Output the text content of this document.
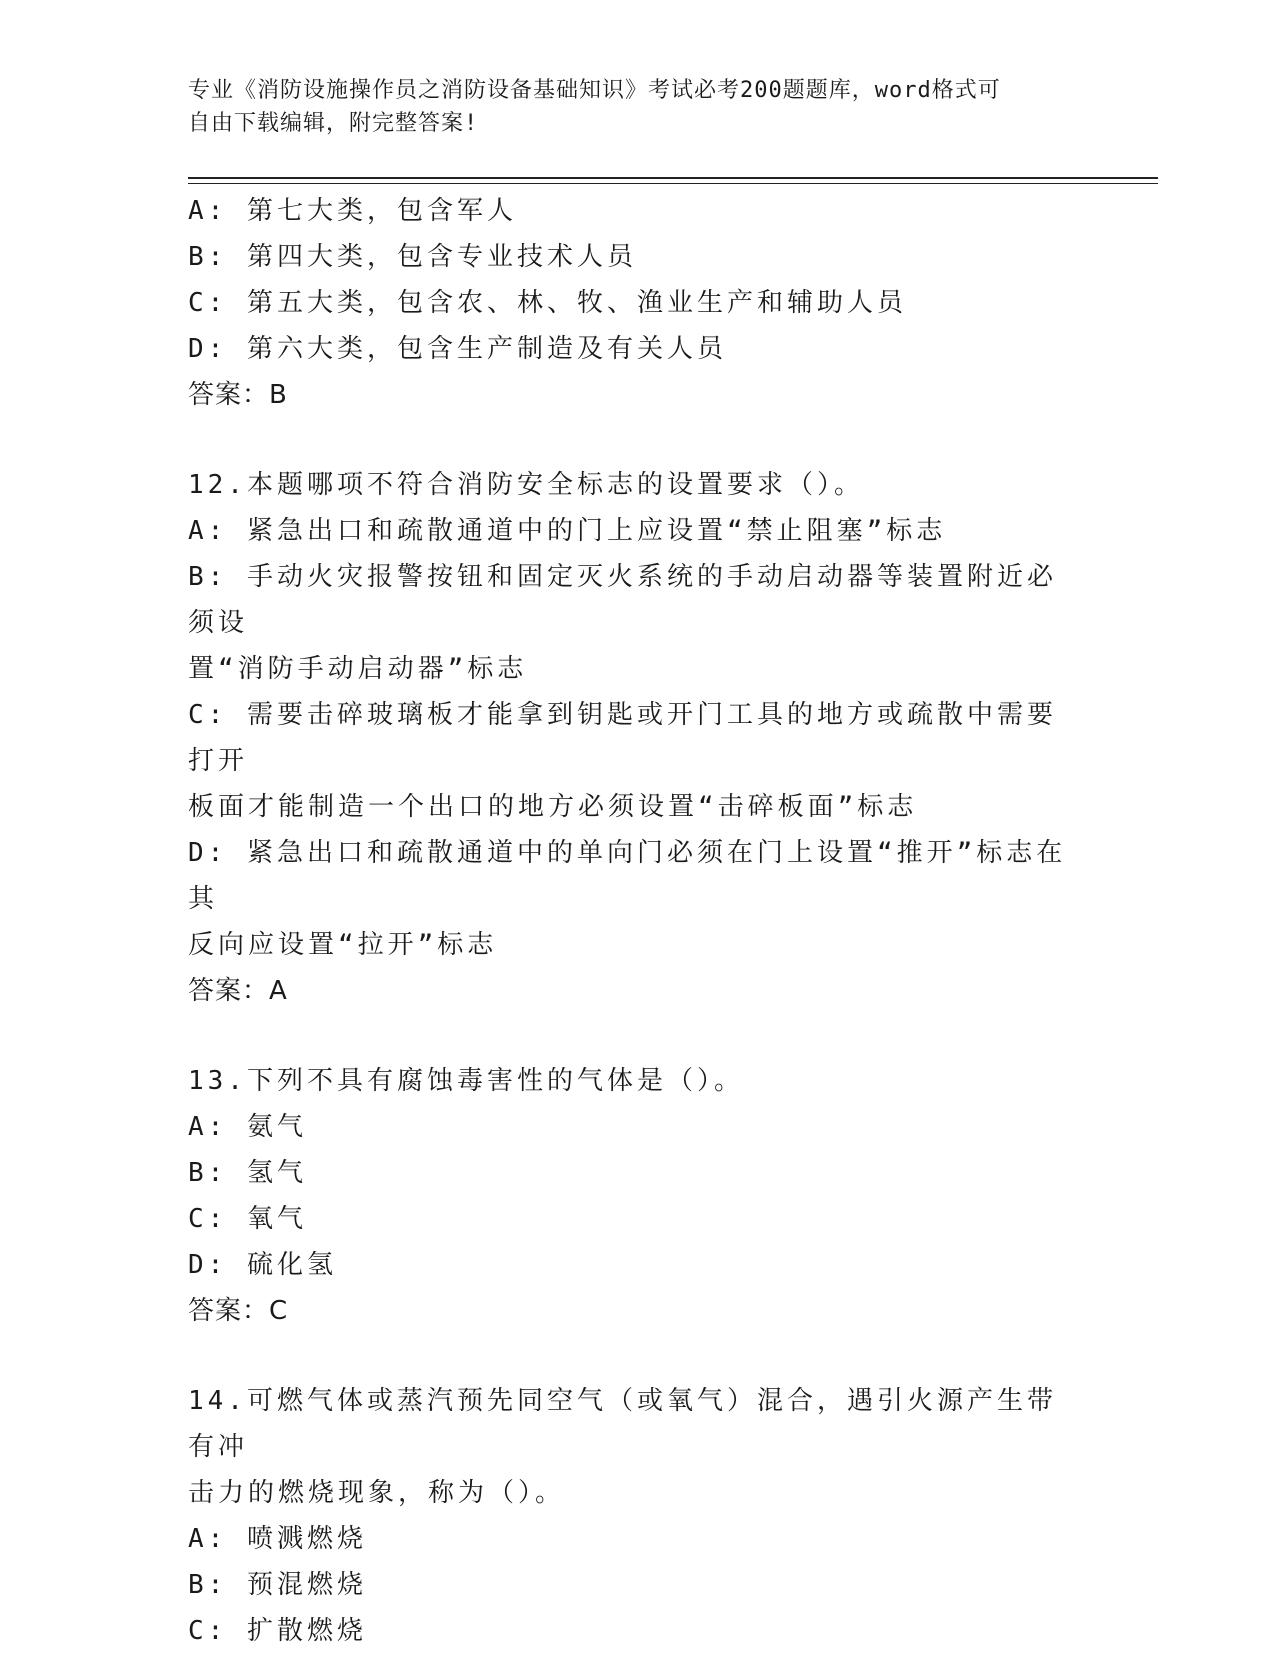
专业《消防设施操作员之消防设备基础知识》考试必考200题题库，word格式可
自由下载编辑，附完整答案!

A: 第七大类，包含军人

B: 第四大类，包含专业技术人员

C: 第五大类，包含农、林、牧、渔业生产和辅助人员

D: 第六大类，包含生产制造及有关人员

答案：B

12.本题哪项不符合消防安全标志的设置要求（）。

A: 紧急出口和疏散通道中的门上应设置“禁止阻塞”标志

B: 手动火灾报警按钮和固定灭火系统的手动启动器等装置附近必须设

置“消防手动启动器”标志

C: 需要击碎玻璃板才能拿到钥匙或开门工具的地方或疏散中需要打开

板面才能制造一个出口的地方必须设置“击碎板面”标志

D: 紧急出口和疏散通道中的单向门必须在门上设置“推开”标志在其

反向应设置“拉开”标志

答案：A

13.下列不具有腐蚀毒害性的气体是（）。

A: 氨气

B: 氢气

C: 氧气

D: 硫化氢

答案：C

14.可燃气体或蒸汽预先同空气（或氧气）混合，遇引火源产生带有冲

击力的燃烧现象，称为（）。

A: 喷溅燃烧

B: 预混燃烧

C: 扩散燃烧
